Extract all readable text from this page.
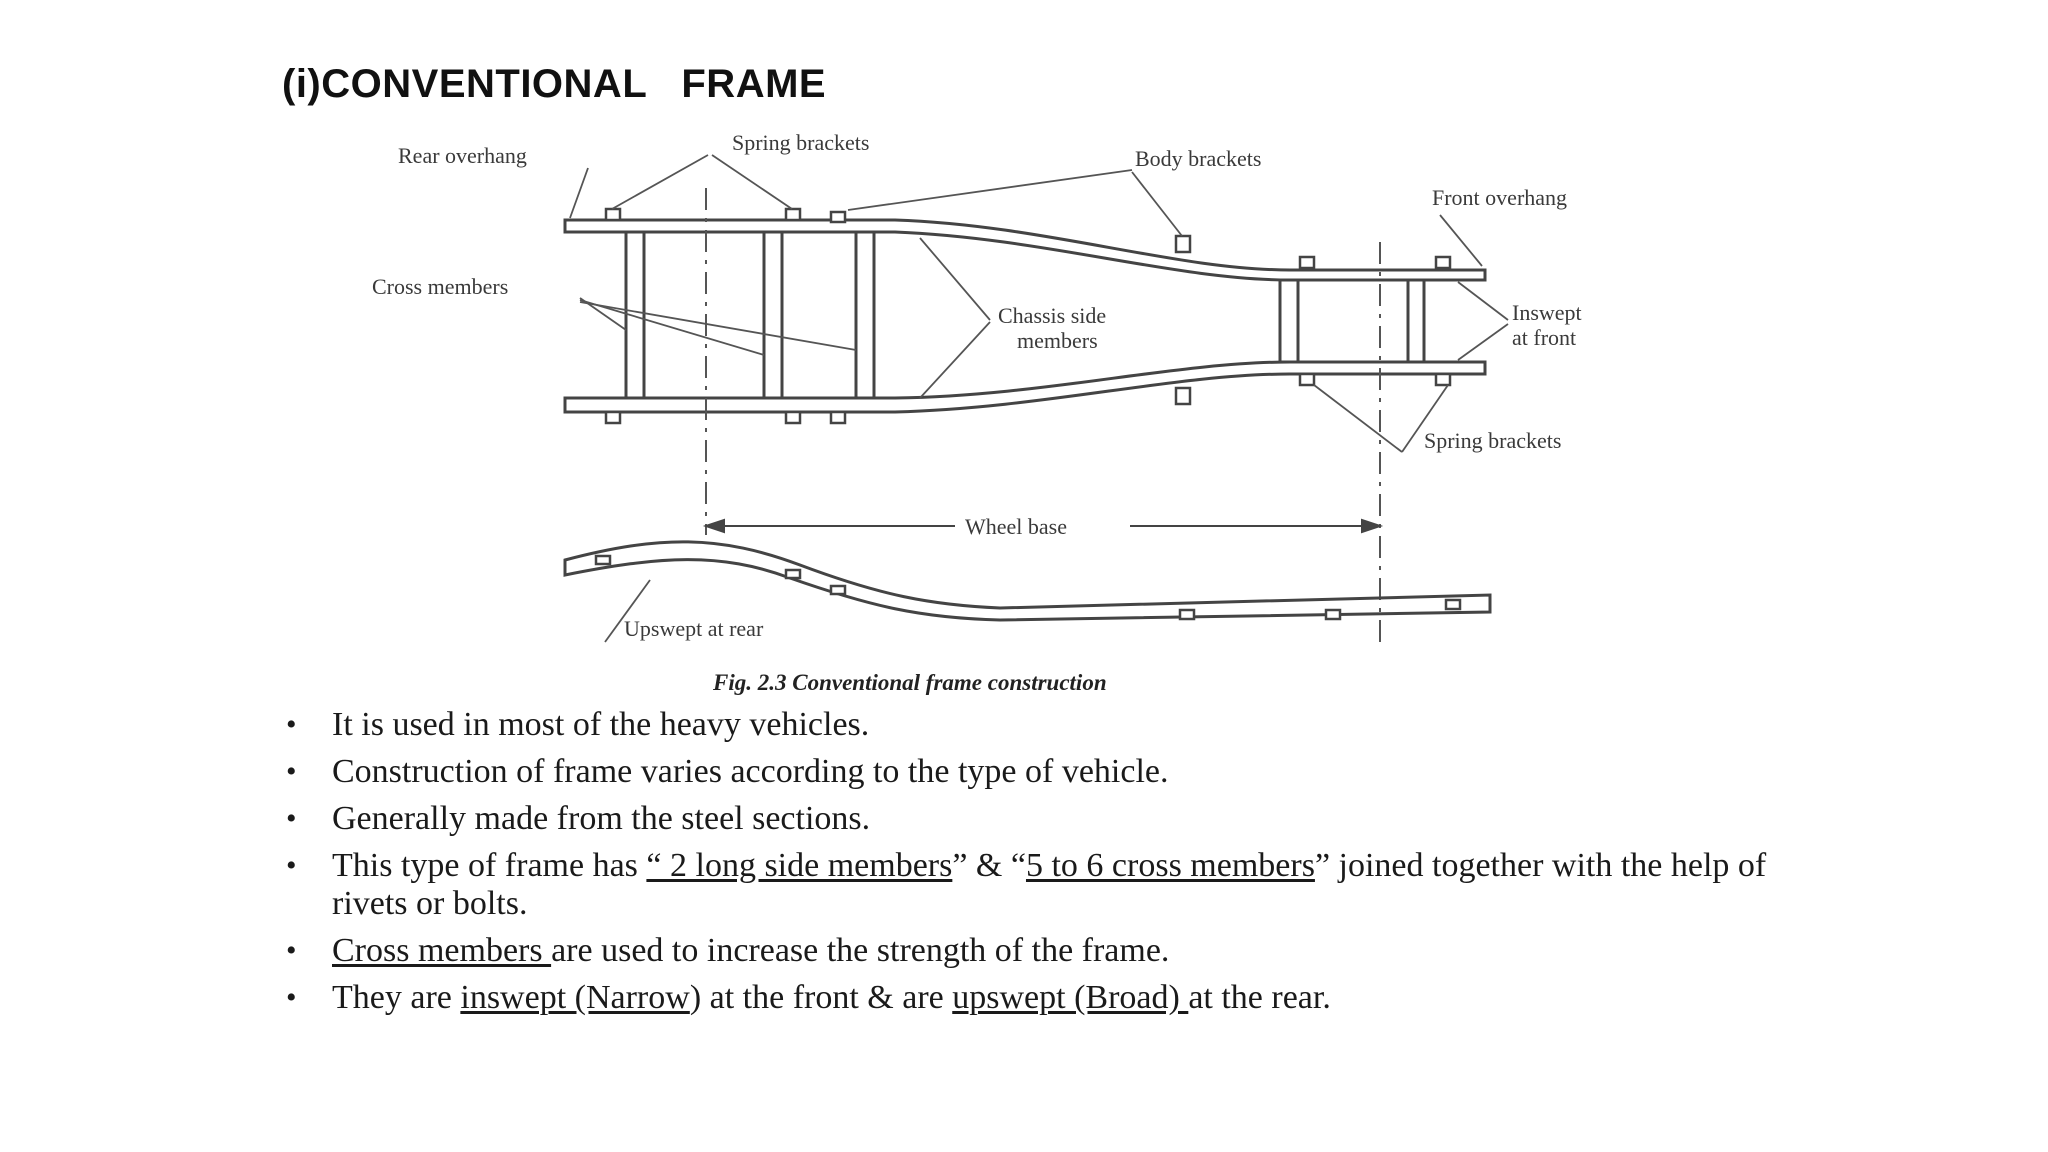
(i)CONVENTIONAL   FRAME
Rear overhang
Spring brackets
Body brackets
Front overhang
Cross members
Chassis side
members
Inswept
at front
Spring brackets
Wheel base
Upswept at rear
Fig. 2.3 Conventional frame construction
• It is used in most of the heavy vehicles.
• Construction of frame varies according to the type of vehicle.
• Generally made from the steel sections.
• This type of frame has “ 2 long side members” & “5 to 6 cross members” joined together with the help of rivets or bolts.
• Cross members are used to increase the strength of the frame.
• They are inswept (Narrow) at the front & are upswept (Broad) at the rear.
